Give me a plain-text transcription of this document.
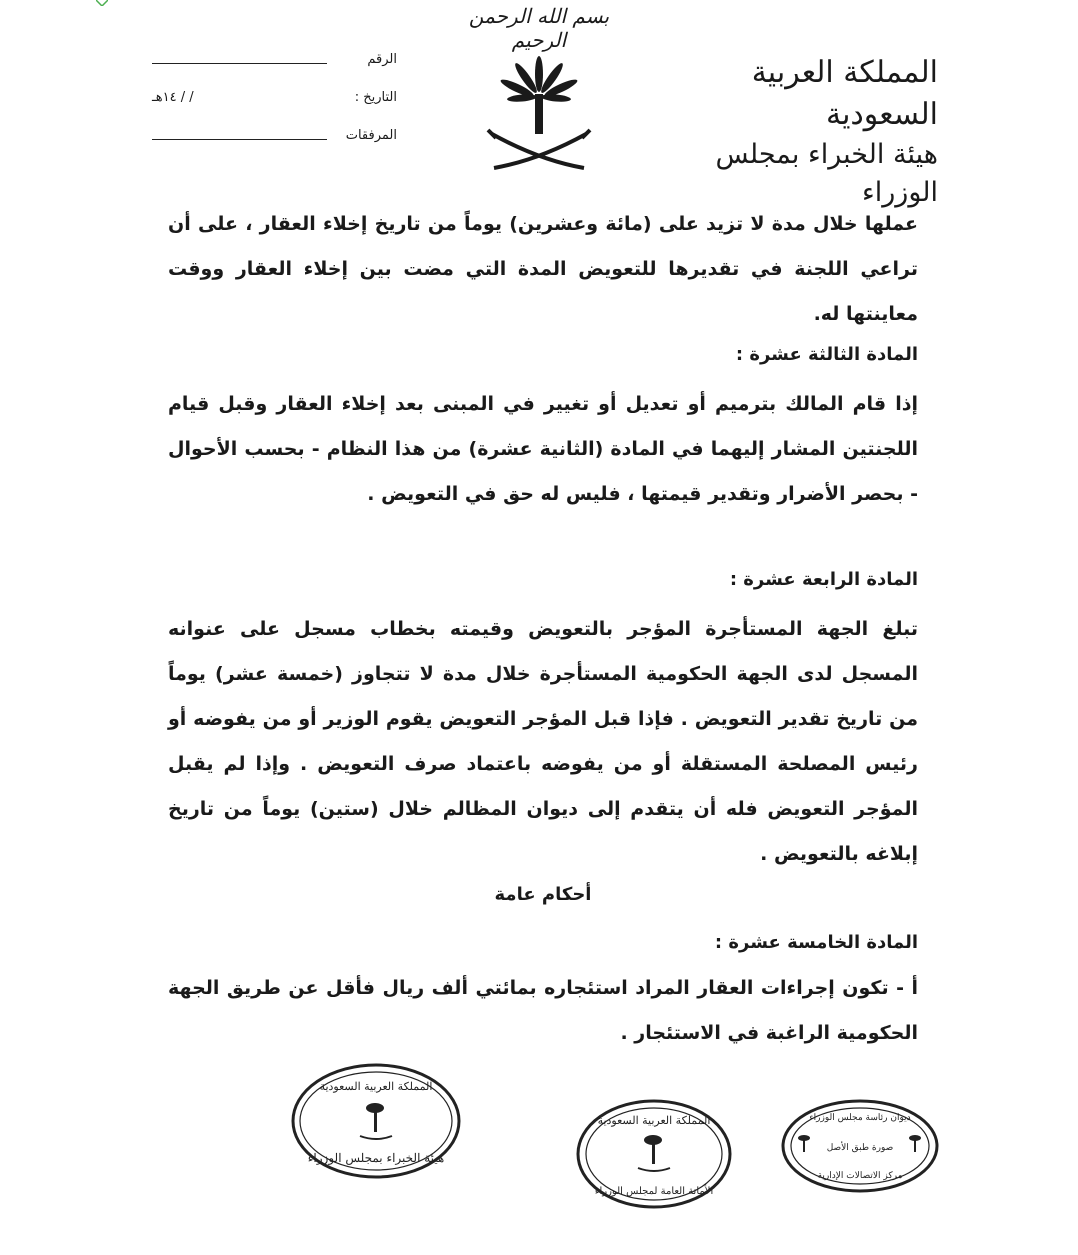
بسم الله الرحمن الرحيم
المملكة العربية السعودية
هيئة الخبراء بمجلس الوزراء
الرقم
التاريخ :
/ / ١٤هـ
المرفقات

عملها خلال مدة لا تزيد على (مائة وعشرين) يوماً من تاريخ إخلاء العقار ، على أن تراعي اللجنة في تقديرها للتعويض المدة التي مضت بين إخلاء العقار ووقت معاينتها له.

المادة الثالثة عشرة :

إذا قام المالك بترميم أو تعديل أو تغيير في المبنى بعد إخلاء العقار وقبل قيام اللجنتين المشار إليهما في المادة (الثانية عشرة) من هذا النظام - بحسب الأحوال - بحصر الأضرار وتقدير قيمتها ، فليس له حق في التعويض .

المادة الرابعة عشرة :

تبلغ الجهة المستأجرة المؤجر بالتعويض وقيمته بخطاب مسجل على عنوانه المسجل لدى الجهة الحكومية المستأجرة خلال مدة لا تتجاوز (خمسة عشر) يوماً من تاريخ تقدير التعويض . فإذا قبل المؤجر التعويض يقوم الوزير أو من يفوضه أو رئيس المصلحة المستقلة أو من يفوضه باعتماد صرف التعويض . وإذا لم يقبل المؤجر التعويض فله أن يتقدم إلى ديوان المظالم خلال (ستين) يوماً من تاريخ إبلاغه بالتعويض .

أحكام عامة

المادة الخامسة عشرة :

أ - تكون إجراءات العقار المراد استئجاره بمائتي ألف ريال فأقل عن طريق الجهة الحكومية الراغبة في الاستئجار .

المملكة العربية السعودية
هيئة الخبراء بمجلس الوزراء
المملكة العربية السعودية
الأمانة العامة لمجلس الوزراء
ديوان رئاسة مجلس الوزراء
صورة طبق الأصل
مركز الاتصالات الإدارية
